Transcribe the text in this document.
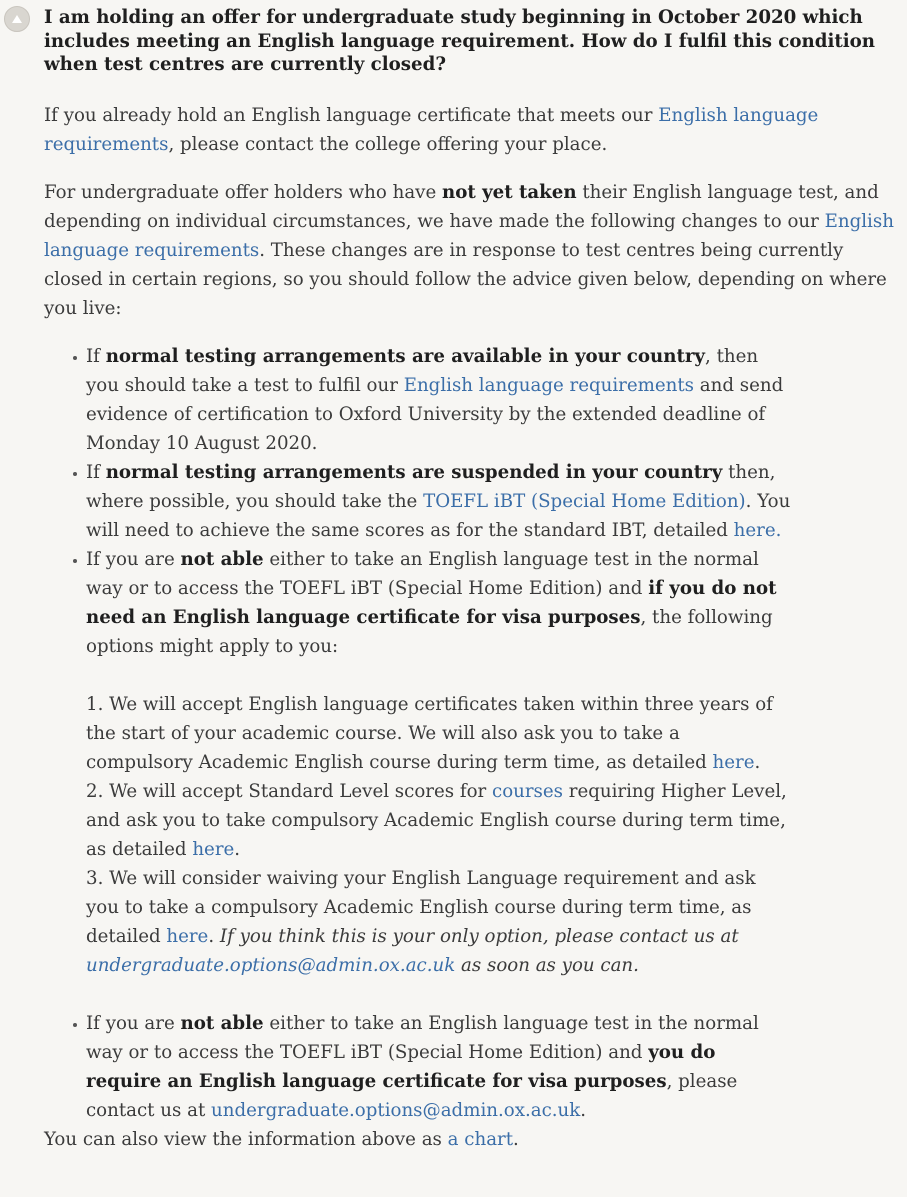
I am holding an offer for undergraduate study beginning in October 2020 which includes meeting an English language requirement. How do I fulfil this condition when test centres are currently closed?

If you already hold an English language certificate that meets our English language requirements, please contact the college offering your place.

For undergraduate offer holders who have not yet taken their English language test, and depending on individual circumstances, we have made the following changes to our English language requirements. These changes are in response to test centres being currently closed in certain regions, so you should follow the advice given below, depending on where you live:

If normal testing arrangements are available in your country, then you should take a test to fulfil our English language requirements and send evidence of certification to Oxford University by the extended deadline of Monday 10 August 2020.
If normal testing arrangements are suspended in your country then, where possible, you should take the TOEFL iBT (Special Home Edition). You will need to achieve the same scores as for the standard IBT, detailed here.
If you are not able either to take an English language test in the normal way or to access the TOEFL iBT (Special Home Edition) and if you do not need an English language certificate for visa purposes, the following options might apply to you:
1. We will accept English language certificates taken within three years of the start of your academic course. We will also ask you to take a compulsory Academic English course during term time, as detailed here.
2. We will accept Standard Level scores for courses requiring Higher Level, and ask you to take compulsory Academic English course during term time, as detailed here.
3. We will consider waiving your English Language requirement and ask you to take a compulsory Academic English course during term time, as detailed here. If you think this is your only option, please contact us at undergraduate.options@admin.ox.ac.uk as soon as you can.
If you are not able either to take an English language test in the normal way or to access the TOEFL iBT (Special Home Edition) and you do require an English language certificate for visa purposes, please contact us at undergraduate.options@admin.ox.ac.uk.

You can also view the information above as a chart.
